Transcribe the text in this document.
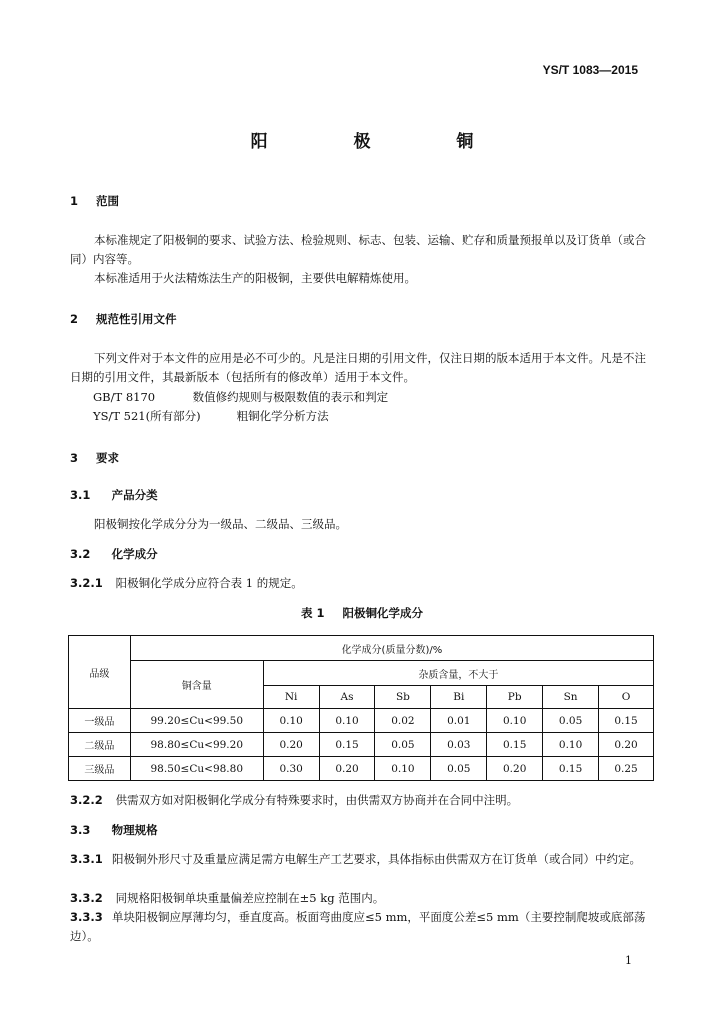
YS/T 1083—2015
阳 极 铜
1 范围
本标准规定了阳极铜的要求、试验方法、检验规则、标志、包装、运输、贮存和质量预报单以及订货单（或合同）内容等。
本标准适用于火法精炼法生产的阳极铜，主要供电解精炼使用。
2 规范性引用文件
下列文件对于本文件的应用是必不可少的。凡是注日期的引用文件，仅注日期的版本适用于本文件。凡是不注日期的引用文件，其最新版本（包括所有的修改单）适用于本文件。
GB/T 8170	数值修约规则与极限数值的表示和判定
YS/T 521(所有部分)	粗铜化学分析方法
3 要求
3.1 产品分类
阳极铜按化学成分分为一级品、二级品、三级品。
3.2 化学成分
3.2.1 阳极铜化学成分应符合表 1 的规定。
表 1 阳极铜化学成分
品级	化学成分(质量分数)/%							
	铜含量	杂质含量，不大于						
		Ni	As	Sb	Bi	Pb	Sn	O
一级品	99.20≤Cu<99.50	0.10	0.10	0.02	0.01	0.10	0.05	0.15
二级品	98.80≤Cu<99.20	0.20	0.15	0.05	0.03	0.15	0.10	0.20
三级品	98.50≤Cu<98.80	0.30	0.20	0.10	0.05	0.20	0.15	0.25
3.2.2 供需双方如对阳极铜化学成分有特殊要求时，由供需双方协商并在合同中注明。
3.3 物理规格
3.3.1 阳极铜外形尺寸及重量应满足需方电解生产工艺要求，具体指标由供需双方在订货单（或合同）中约定。
3.3.2 同规格阳极铜单块重量偏差应控制在±5 kg 范围内。
3.3.3 单块阳极铜应厚薄均匀，垂直度高。板面弯曲度应≤5 mm，平面度公差≤5 mm（主要控制爬坡或底部荡边）。
1
